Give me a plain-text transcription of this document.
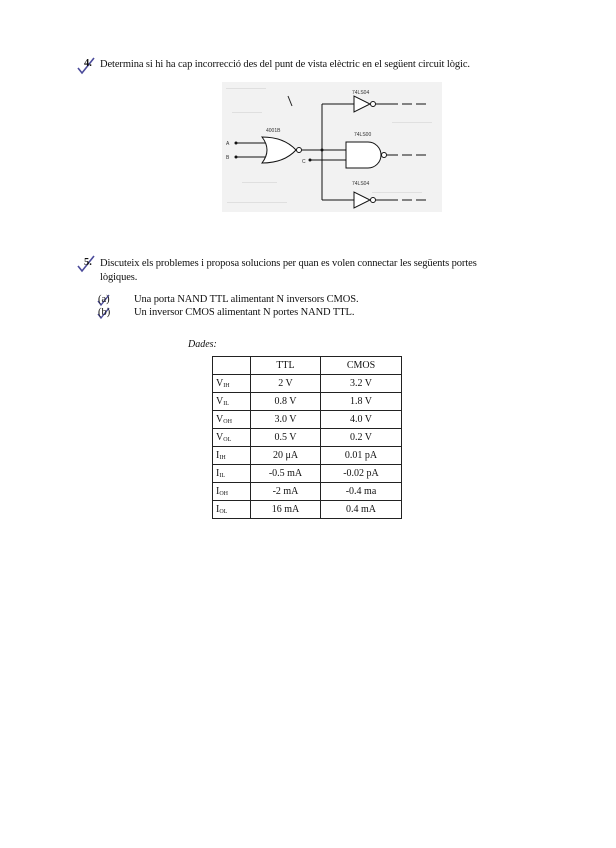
4. Determina si hi ha cap incorrecció des del punt de vista elèctric en el següent circuit lògic.
A
B
4001B
C
74LS04
74LS00
74LS04
5. Discuteix els problemes i proposa solucions per quan es volen connectar les següents portes
lògiques.
(a) Una porta NAND TTL alimentant N inversors CMOS.
(b) Un inversor CMOS alimentant N portes NAND TTL.
Dades:
	TTL	CMOS
$V_{IH}$	2 V	3.2 V
$V_{IL}$	0.8 V	1.8 V
$V_{OH}$	3.0 V	4.0 V
$V_{OL}$	0.5 V	0.2 V
$I_{IH}$	20 μA	0.01 pA
$I_{IL}$	-0.5 mA	-0.02 pA
$I_{OH}$	-2 mA	-0.4 ma
$I_{OL}$	16 mA	0.4 mA
